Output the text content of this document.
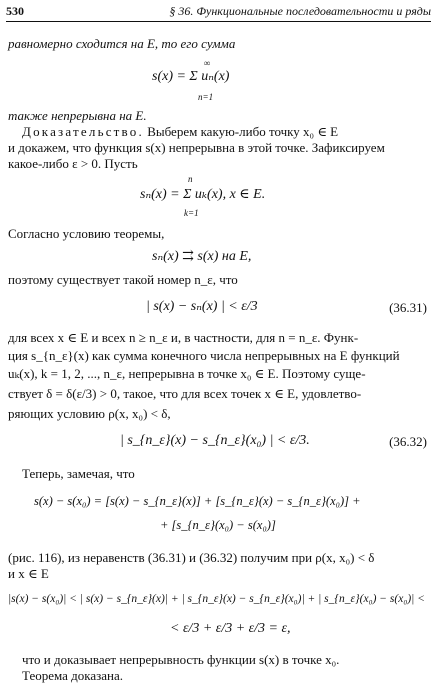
530	§ 36. Функциональные последовательности и ряды
равномерно сходится на E, то его сумма
s(x) = Σ uₙ(x)
∞
n=1
также непрерывна на E.
Доказательство. Выберем какую-либо точку x₀ ∈ E
и докажем, что функция s(x) непрерывна в этой точке. Зафиксируем
какое-либо ε > 0. Пусть
sₙ(x) = Σ uₖ(x), x ∈ E.
n
k=1
Согласно условию теоремы,
sₙ(x) ⇉ s(x) на E,
поэтому существует такой номер n_ε, что
| s(x) − sₙ(x) | < ε/3	(36.31)
для всех x ∈ E и всех n ≥ n_ε и, в частности, для n = n_ε. Функ-
ция s_{n_ε}(x) как сумма конечного числа непрерывных на E функций
uₖ(x), k = 1, 2, ..., n_ε, непрерывна в точке x₀ ∈ E. Поэтому суще-
ствует δ = δ(ε/3) > 0, такое, что для всех точек x ∈ E, удовлетво-
ряющих условию ρ(x, x₀) < δ,
| s_{n_ε}(x) − s_{n_ε}(x₀) | < ε/3.	(36.32)
Теперь, замечая, что
s(x) − s(x₀) = [s(x) − s_{n_ε}(x)] + [s_{n_ε}(x) − s_{n_ε}(x₀)] +
+ [s_{n_ε}(x₀) − s(x₀)]
(рис. 116), из неравенств (36.31) и (36.32) получим при ρ(x, x₀) < δ
и x ∈ E
|s(x) − s(x₀)| < | s(x) − s_{n_ε}(x)| + | s_{n_ε}(x) − s_{n_ε}(x₀)| + | s_{n_ε}(x₀) − s(x₀)| <
< ε/3 + ε/3 + ε/3 = ε,
что и доказывает непрерывность функции s(x) в точке x₀.
Теорема доказана.
